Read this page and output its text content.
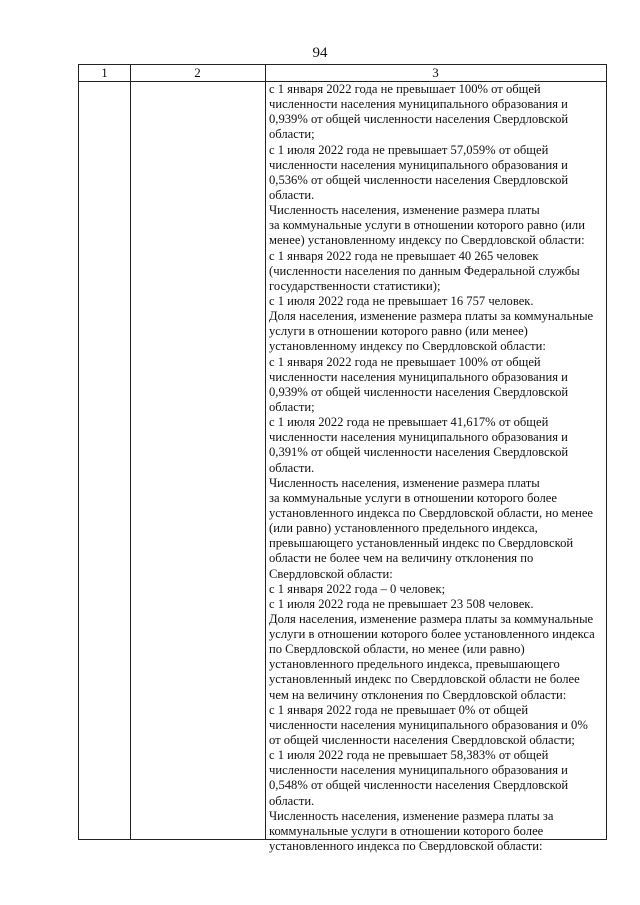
94
1	2	3
с 1 января 2022 года не превышает 100% от общей
численности населения муниципального образования и
0,939% от общей численности населения Свердловской
области;
с 1 июля 2022 года не превышает 57,059% от общей
численности населения муниципального образования и
0,536% от общей численности населения Свердловской
области.
Численность населения, изменение размера платы
за коммунальные услуги в отношении которого равно (или
менее) установленному индексу по Свердловской области:
с 1 января 2022 года не превышает 40 265 человек
(численности населения по данным Федеральной службы
государственности статистики);
с 1 июля 2022 года не превышает 16 757 человек.
Доля населения, изменение размера платы за коммунальные
услуги в отношении которого равно (или менее)
установленному индексу по Свердловской области:
с 1 января 2022 года не превышает 100% от общей
численности населения муниципального образования и
0,939% от общей численности населения Свердловской
области;
с 1 июля 2022 года не превышает 41,617% от общей
численности населения муниципального образования и
0,391% от общей численности населения Свердловской
области.
Численность населения, изменение размера платы
за коммунальные услуги в отношении которого более
установленного индекса по Свердловской области, но менее
(или равно) установленного предельного индекса,
превышающего установленный индекс по Свердловской
области не более чем на величину отклонения по
Свердловской области:
с 1 января 2022 года – 0 человек;
с 1 июля 2022 года не превышает 23 508 человек.
Доля населения, изменение размера платы за коммунальные
услуги в отношении которого более установленного индекса
по Свердловской области, но менее (или равно)
установленного предельного индекса, превышающего
установленный индекс по Свердловской области не более
чем на величину отклонения по Свердловской области:
с 1 января 2022 года не превышает 0% от общей
численности населения муниципального образования и 0%
от общей численности населения Свердловской области;
с 1 июля 2022 года не превышает 58,383% от общей
численности населения муниципального образования и
0,548% от общей численности населения Свердловской
области.
Численность населения, изменение размера платы за
коммунальные услуги в отношении которого более
установленного индекса по Свердловской области:
